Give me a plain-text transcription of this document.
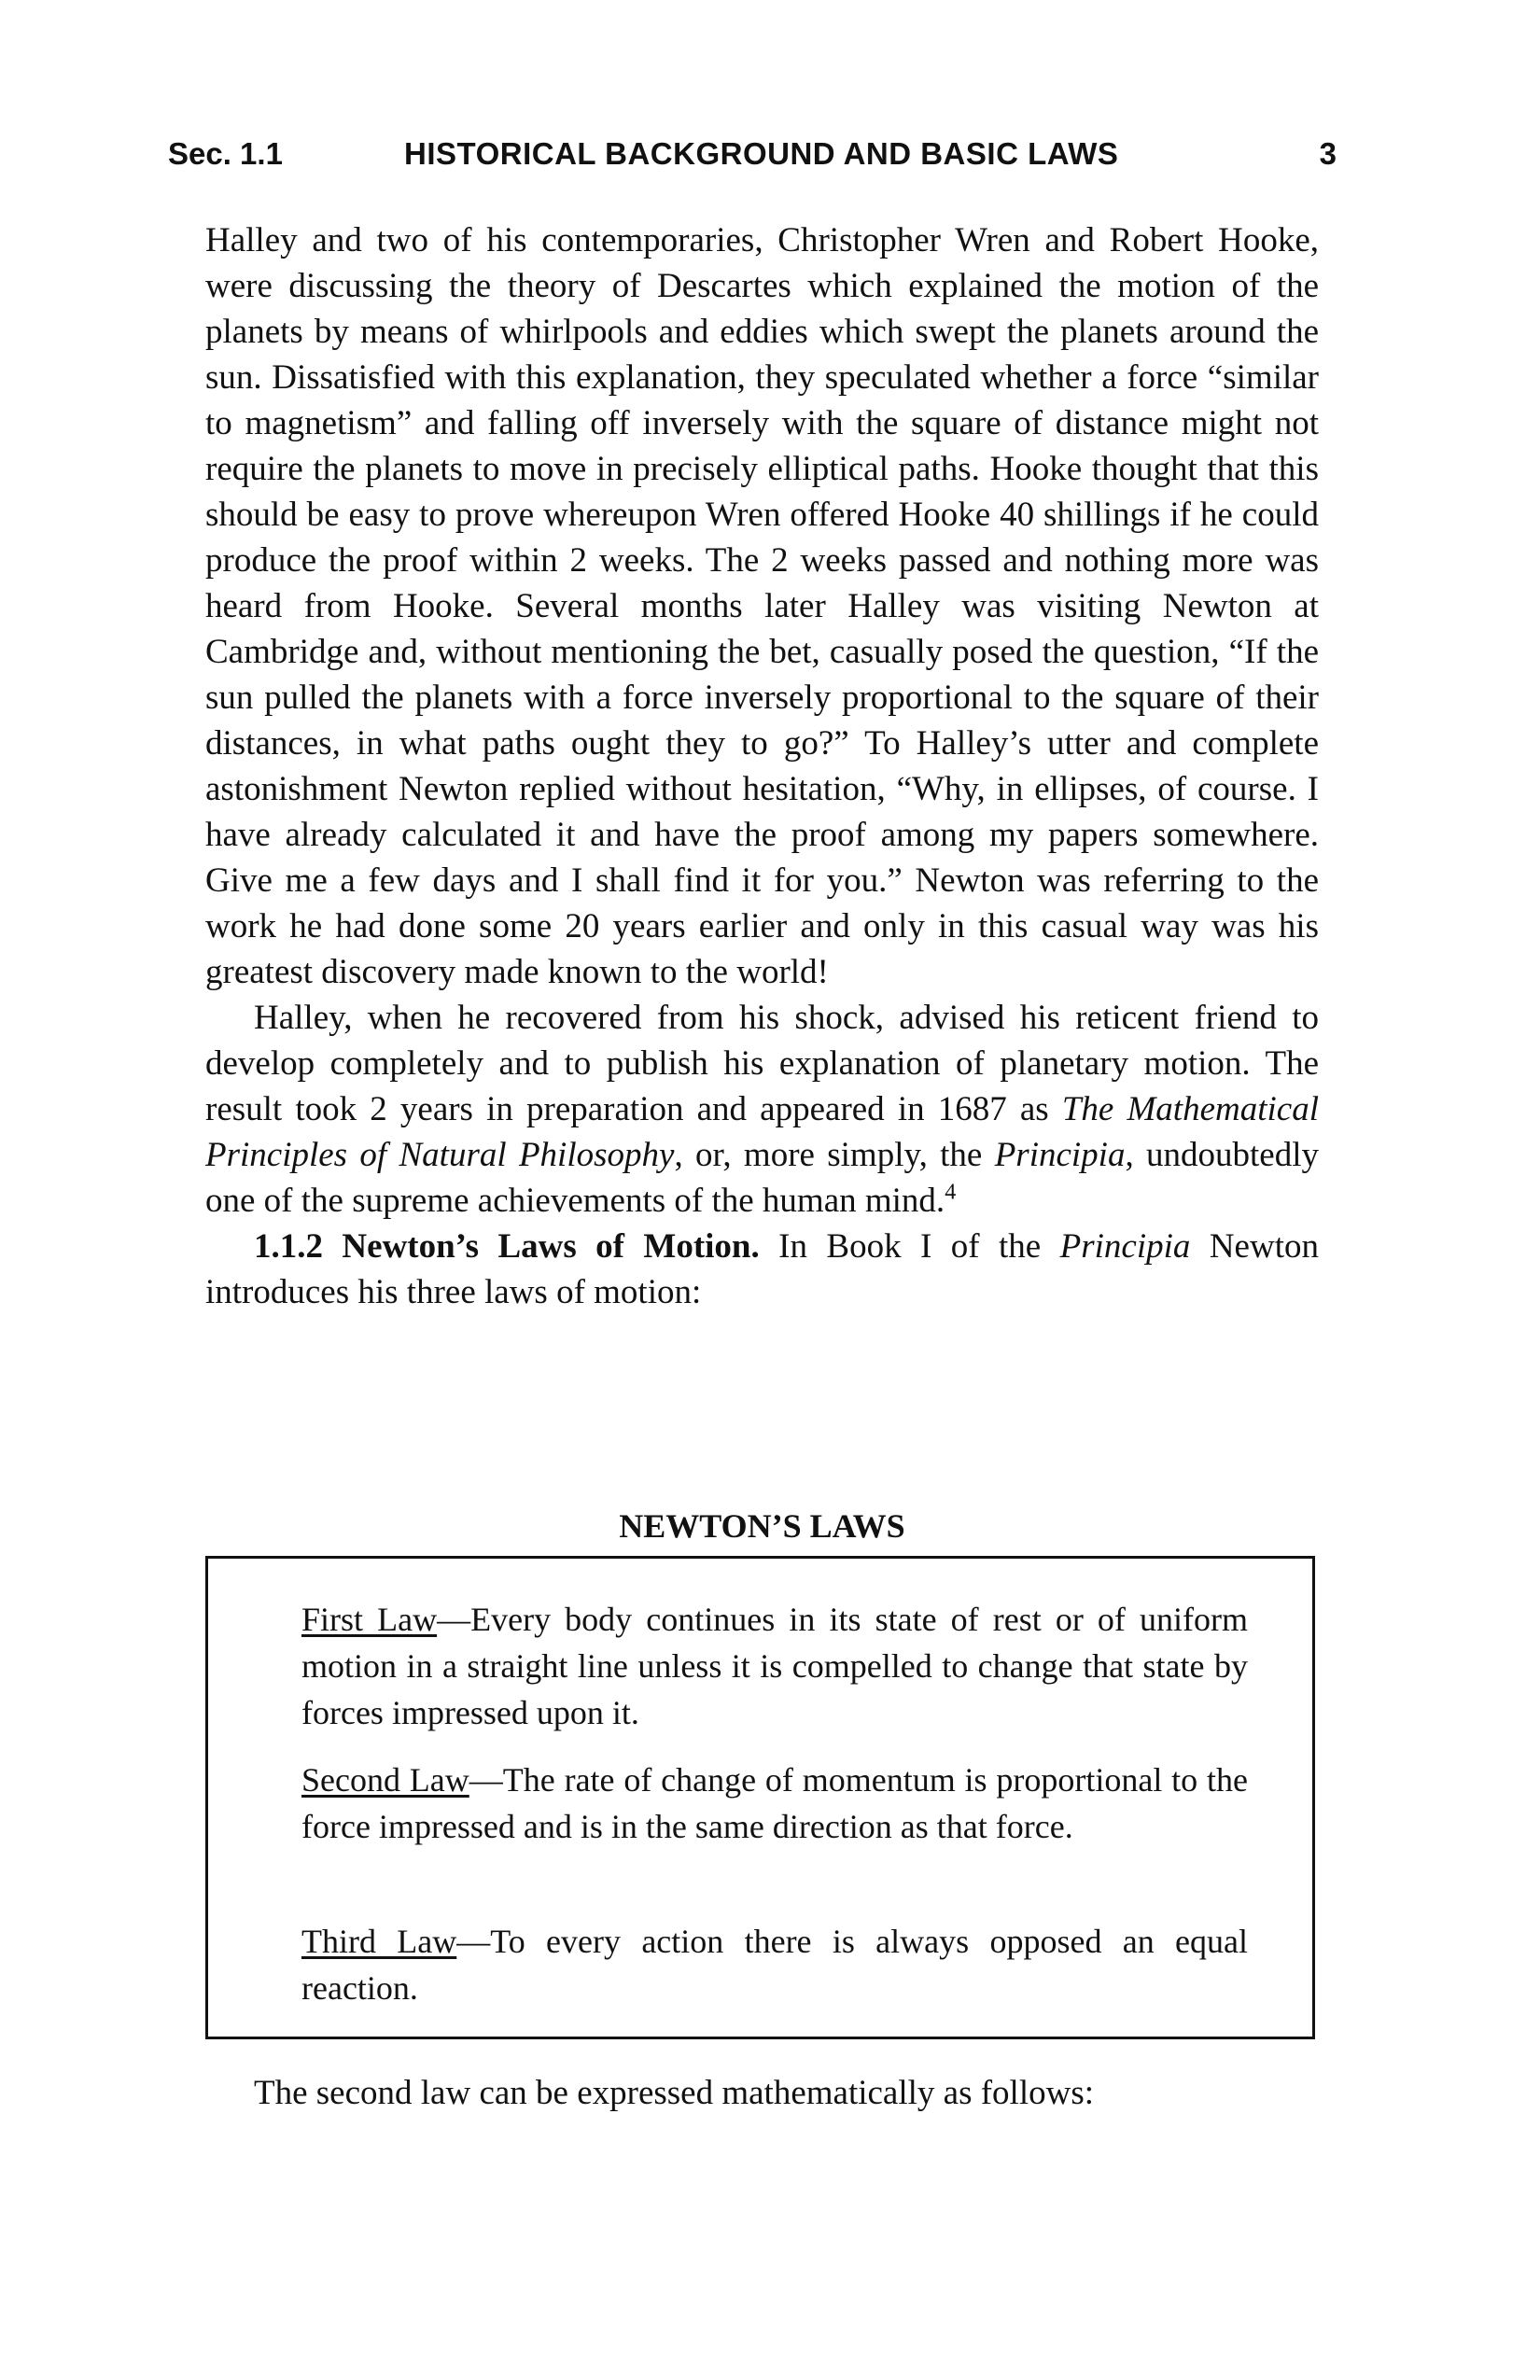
Sec. 1.1	HISTORICAL BACKGROUND AND BASIC LAWS	3

Halley and two of his contemporaries, Christopher Wren and Robert Hooke, were discussing the theory of Descartes which explained the motion of the planets by means of whirlpools and eddies which swept the planets around the sun. Dissatisfied with this explanation, they speculated whether a force “similar to magnetism” and falling off inversely with the square of distance might not require the planets to move in precisely elliptical paths. Hooke thought that this should be easy to prove whereupon Wren offered Hooke 40 shillings if he could produce the proof within 2 weeks. The 2 weeks passed and nothing more was heard from Hooke. Several months later Halley was visiting Newton at Cambridge and, without mentioning the bet, casually posed the question, “If the sun pulled the planets with a force inversely proportional to the square of their distances, in what paths ought they to go?” To Halley’s utter and complete astonishment Newton replied without hesitation, “Why, in ellipses, of course. I have already calculated it and have the proof among my papers somewhere. Give me a few days and I shall find it for you.” Newton was referring to the work he had done some 20 years earlier and only in this casual way was his greatest discovery made known to the world!

Halley, when he recovered from his shock, advised his reticent friend to develop completely and to publish his explanation of planetary motion. The result took 2 years in preparation and appeared in 1687 as The Mathematical Principles of Natural Philosophy, or, more simply, the Principia, undoubtedly one of the supreme achievements of the human mind.$^4$

1.1.2 Newton’s Laws of Motion. In Book I of the Principia Newton introduces his three laws of motion:

NEWTON’S LAWS

First Law—Every body continues in its state of rest or of uniform motion in a straight line unless it is compelled to change that state by forces impressed upon it.

Second Law—The rate of change of momentum is proportional to the force impressed and is in the same direction as that force.

Third Law—To every action there is always opposed an equal reaction.

The second law can be expressed mathematically as follows:
